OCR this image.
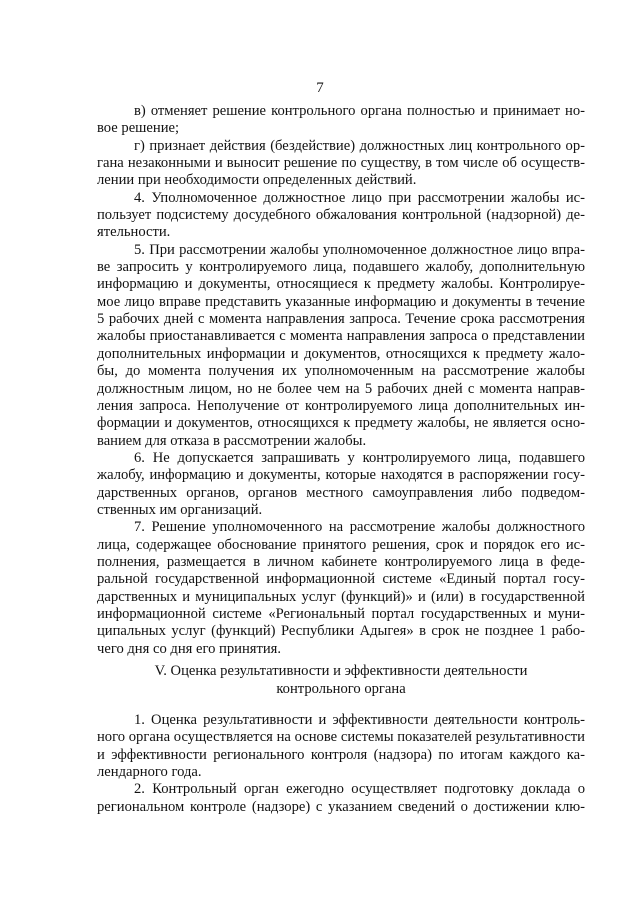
7
в) отменяет решение контрольного органа полностью и принимает но-
вое решение;
г) признает действия (бездействие) должностных лиц контрольного ор-
гана незаконными и выносит решение по существу, в том числе об осуществ-
лении при необходимости определенных действий.
4. Уполномоченное должностное лицо при рассмотрении жалобы ис-
пользует подсистему досудебного обжалования контрольной (надзорной) де-
ятельности.
5. При рассмотрении жалобы уполномоченное должностное лицо впра-
ве запросить у контролируемого лица, подавшего жалобу, дополнительную
информацию и документы, относящиеся к предмету жалобы. Контролируе-
мое лицо вправе представить указанные информацию и документы в течение
5 рабочих дней с момента направления запроса. Течение срока рассмотрения
жалобы приостанавливается с момента направления запроса о представлении
дополнительных информации и документов, относящихся к предмету жало-
бы, до момента получения их уполномоченным на рассмотрение жалобы
должностным лицом, но не более чем на 5 рабочих дней с момента направ-
ления запроса. Неполучение от контролируемого лица дополнительных ин-
формации и документов, относящихся к предмету жалобы, не является осно-
ванием для отказа в рассмотрении жалобы.
6. Не допускается запрашивать у контролируемого лица, подавшего
жалобу, информацию и документы, которые находятся в распоряжении госу-
дарственных органов, органов местного самоуправления либо подведом-
ственных им организаций.
7. Решение уполномоченного на рассмотрение жалобы должностного
лица, содержащее обоснование принятого решения, срок и порядок его ис-
полнения, размещается в личном кабинете контролируемого лица в феде-
ральной государственной информационной системе «Единый портал госу-
дарственных и муниципальных услуг (функций)» и (или) в государственной
информационной системе «Региональный портал государственных и муни-
ципальных услуг (функций) Республики Адыгея» в срок не позднее 1 рабо-
чего дня со дня его принятия.
V. Оценка результативности и эффективности деятельности
контрольного органа
1. Оценка результативности и эффективности деятельности контроль-
ного органа осуществляется на основе системы показателей результативности
и эффективности регионального контроля (надзора) по итогам каждого ка-
лендарного года.
2. Контрольный орган ежегодно осуществляет подготовку доклада о
региональном контроле (надзоре) с указанием сведений о достижении клю-
